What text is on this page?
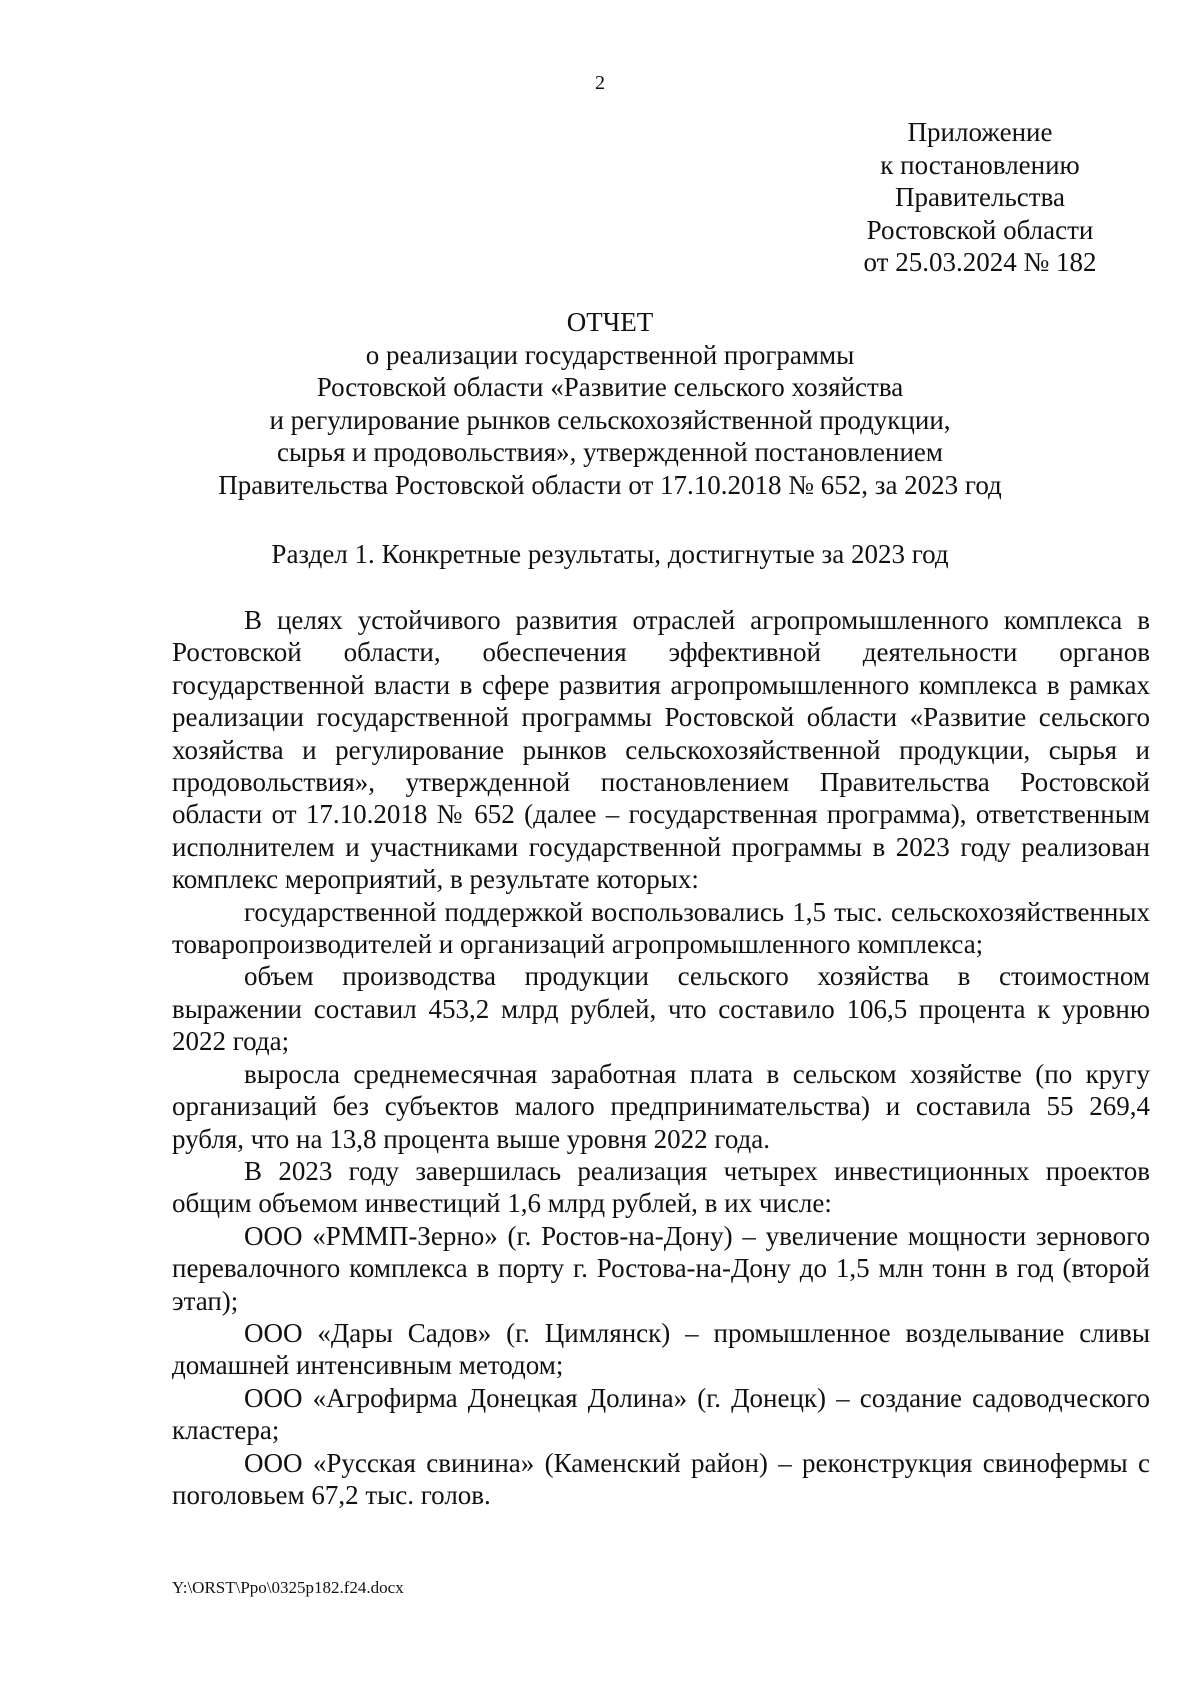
2
Приложение
к постановлению
Правительства
Ростовской области
от 25.03.2024 № 182
ОТЧЕТ
о реализации государственной программы
Ростовской области «Развитие сельского хозяйства
и регулирование рынков сельскохозяйственной продукции,
сырья и продовольствия», утвержденной постановлением
Правительства Ростовской области от 17.10.2018 № 652, за 2023 год
Раздел 1. Конкретные результаты, достигнутые за 2023 год

В целях устойчивого развития отраслей агропромышленного комплекса в Ростовской области, обеспечения эффективной деятельности органов государственной власти в сфере развития агропромышленного комплекса в рамках реализации государственной программы Ростовской области «Развитие сельского хозяйства и регулирование рынков сельскохозяйственной продукции, сырья и продовольствия», утвержденной постановлением Правительства Ростовской области от 17.10.2018 № 652 (далее – государственная программа), ответственным исполнителем и участниками государственной программы в 2023 году реализован комплекс мероприятий, в результате которых:

государственной поддержкой воспользовались 1,5 тыс. сельскохозяйственных товаропроизводителей и организаций агропромышленного комплекса;

объем производства продукции сельского хозяйства в стоимостном выражении составил 453,2 млрд рублей, что составило 106,5 процента к уровню 2022 года;

выросла среднемесячная заработная плата в сельском хозяйстве (по кругу организаций без субъектов малого предпринимательства) и составила 55 269,4 рубля, что на 13,8 процента выше уровня 2022 года.

В 2023 году завершилась реализация четырех инвестиционных проектов общим объемом инвестиций 1,6 млрд рублей, в их числе:

ООО «РММП-Зерно» (г. Ростов-на-Дону) – увеличение мощности зернового перевалочного комплекса в порту г. Ростова-на-Дону до 1,5 млн тонн в год (второй этап);

ООО «Дары Садов» (г. Цимлянск) – промышленное возделывание сливы домашней интенсивным методом;

ООО «Агрофирма Донецкая Долина» (г. Донецк) – создание садоводческого кластера;

ООО «Русская свинина» (Каменский район) – реконструкция свинофермы с поголовьем 67,2 тыс. голов.

Y:\ORST\Ppo\0325p182.f24.docx
